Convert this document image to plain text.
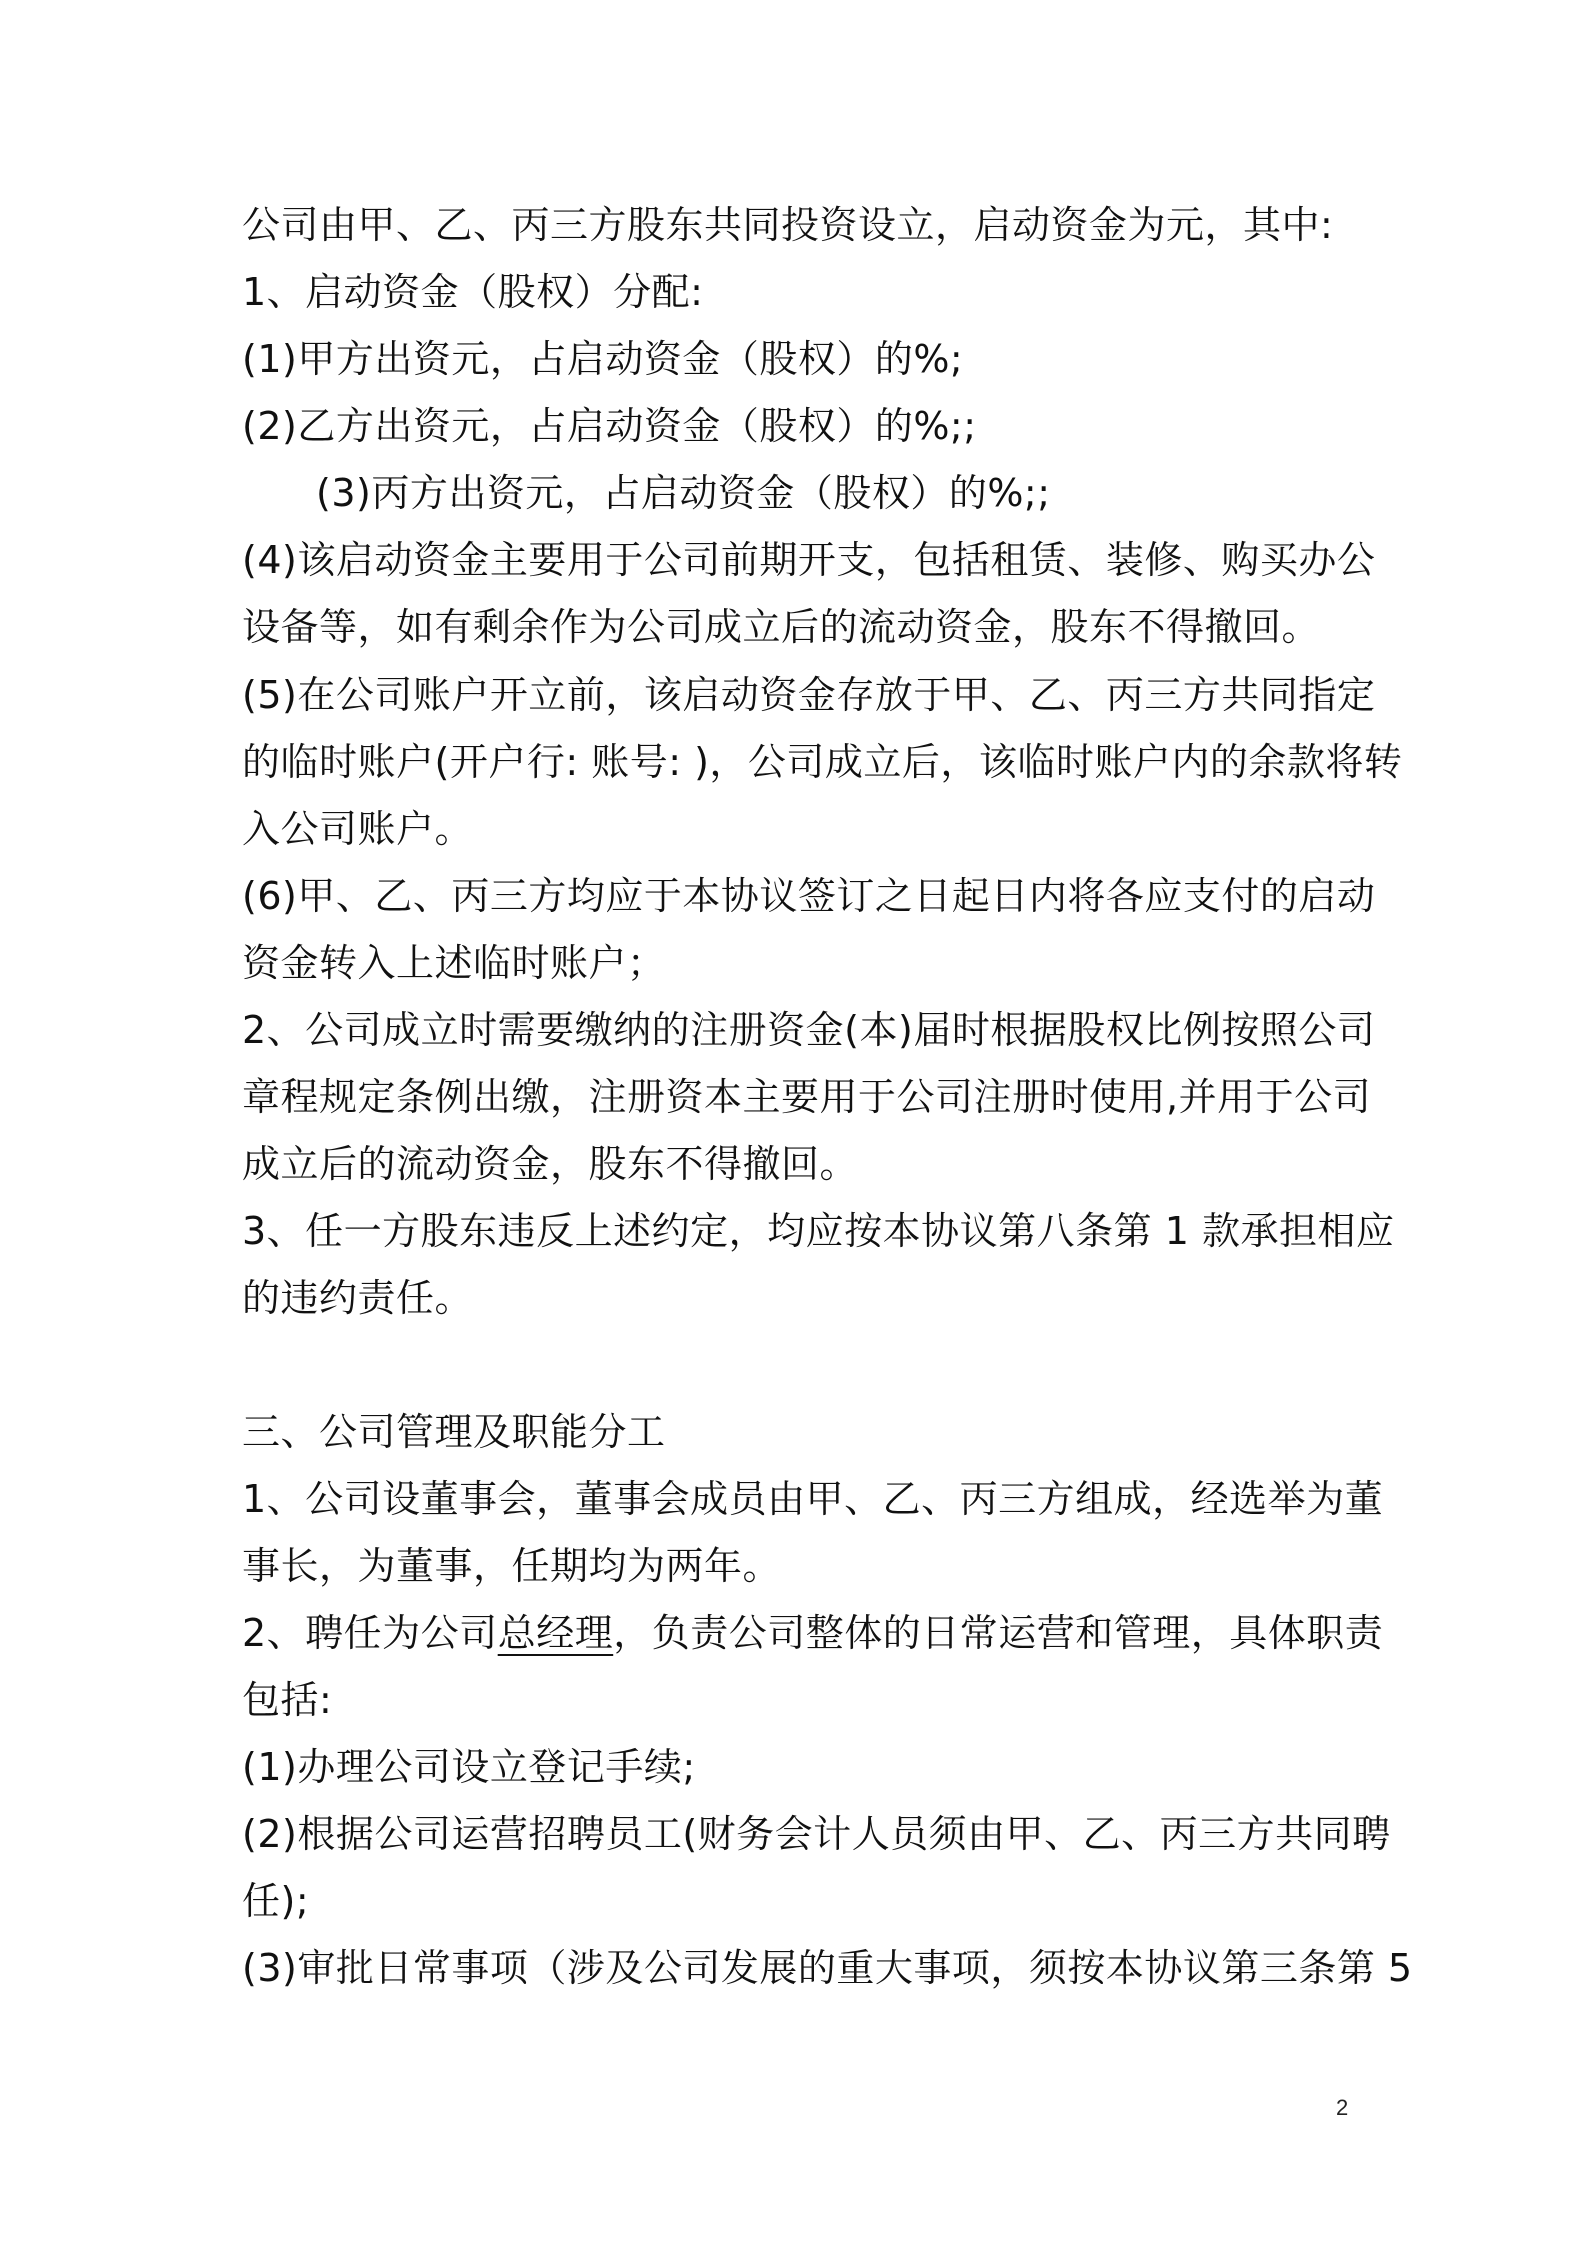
公司由甲、乙、丙三方股东共同投资设立，启动资金为元，其中:
1、启动资金（股权）分配:
(1)甲方出资元，占启动资金（股权）的%;
(2)乙方出资元，占启动资金（股权）的%;;
(3)丙方出资元，占启动资金（股权）的%;;
(4)该启动资金主要用于公司前期开支，包括租赁、装修、购买办公
设备等，如有剩余作为公司成立后的流动资金，股东不得撤回。
(5)在公司账户开立前，该启动资金存放于甲、乙、丙三方共同指定
的临时账户(开户行: 账号: )，公司成立后，该临时账户内的余款将转
入公司账户。
(6)甲、乙、丙三方均应于本协议签订之日起日内将各应支付的启动
资金转入上述临时账户；
2、公司成立时需要缴纳的注册资金(本)届时根据股权比例按照公司
章程规定条例出缴，注册资本主要用于公司注册时使用,并用于公司
成立后的流动资金，股东不得撤回。
3、任一方股东违反上述约定，均应按本协议第八条第 1 款承担相应
的违约责任。
三、公司管理及职能分工
1、公司设董事会，董事会成员由甲、乙、丙三方组成，经选举为董
事长，为董事，任期均为两年。
2、聘任为公司总经理，负责公司整体的日常运营和管理，具体职责
包括:
(1)办理公司设立登记手续;
(2)根据公司运营招聘员工(财务会计人员须由甲、乙、丙三方共同聘
任);
(3)审批日常事项（涉及公司发展的重大事项，须按本协议第三条第 5
2
